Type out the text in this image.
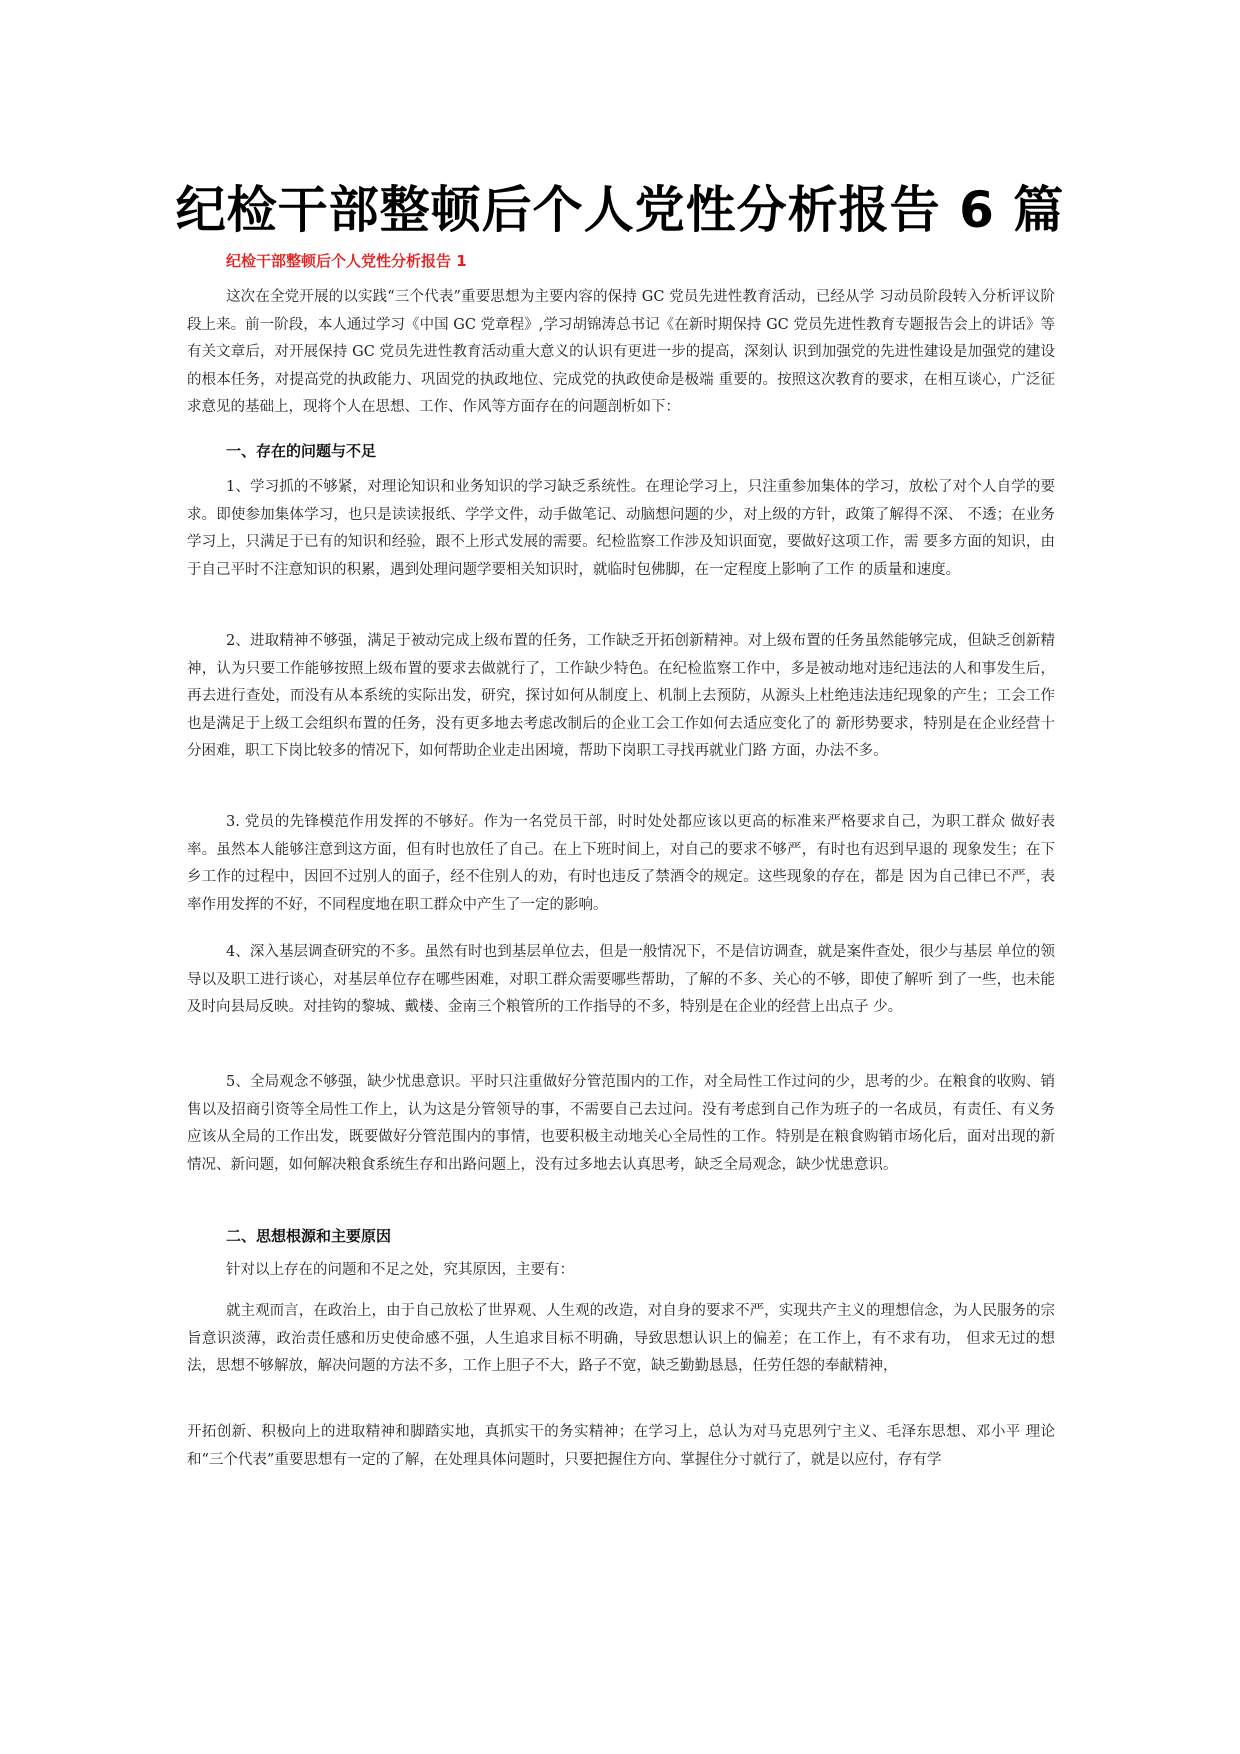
纪检干部整顿后个人党性分析报告 6 篇

纪检干部整顿后个人党性分析报告 1

这次在全党开展的以实践“三个代表”重要思想为主要内容的保持 GC 党员先进性教育活动，已经从学 习动员阶段转入分析评议阶段上来。前一阶段，本人通过学习《中国 GC 党章程》,学习胡锦涛总书记《在新时期保持 GC 党员先进性教育专题报告会上的讲话》等有关文章后，对开展保持 GC 党员先进性教育活动重大意义的认识有更进一步的提高，深刻认 识到加强党的先进性建设是加强党的建设的根本任务，对提高党的执政能力、巩固党的执政地位、完成党的执政使命是极端 重要的。按照这次教育的要求，在相互谈心，广泛征求意见的基础上，现将个人在思想、工作、作风等方面存在的问题剖析如下：

一、存在的问题与不足

1、学习抓的不够紧，对理论知识和业务知识的学习缺乏系统性。在理论学习上，只注重参加集体的学习，放松了对个人自学的要求。即使参加集体学习，也只是读读报纸、学学文件，动手做笔记、动脑想问题的少，对上级的方针，政策了解得不深、 不透；在业务学习上，只满足于已有的知识和经验，跟不上形式发展的需要。纪检监察工作涉及知识面宽，要做好这项工作，需 要多方面的知识，由于自己平时不注意知识的积累，遇到处理问题学要相关知识时，就临时包佛脚，在一定程度上影响了工作 的质量和速度。

2、进取精神不够强，满足于被动完成上级布置的任务，工作缺乏开拓创新精神。对上级布置的任务虽然能够完成，但缺乏创新精神，认为只要工作能够按照上级布置的要求去做就行了，工作缺少特色。在纪检监察工作中，多是被动地对违纪违法的人和事发生后，再去进行查处，而没有从本系统的实际出发，研究，探讨如何从制度上、机制上去预防，从源头上杜绝违法违纪现象的产生；工会工作也是满足于上级工会组织布置的任务，没有更多地去考虑改制后的企业工会工作如何去适应变化了的 新形势要求，特别是在企业经营十分困难，职工下岗比较多的情况下，如何帮助企业走出困境，帮助下岗职工寻找再就业门路 方面，办法不多。

3. 党员的先锋模范作用发挥的不够好。作为一名党员干部，时时处处都应该以更高的标准来严格要求自己，为职工群众 做好表率。虽然本人能够注意到这方面，但有时也放任了自己。在上下班时间上，对自己的要求不够严，有时也有迟到早退的 现象发生；在下乡工作的过程中，因回不过别人的面子，经不住别人的劝，有时也违反了禁酒令的规定。这些现象的存在，都是 因为自己律已不严，表率作用发挥的不好，不同程度地在职工群众中产生了一定的影响。

4、深入基层调查研究的不多。虽然有时也到基层单位去，但是一般情况下，不是信访调查，就是案件查处，很少与基层 单位的领导以及职工进行谈心，对基层单位存在哪些困难，对职工群众需要哪些帮助，了解的不多、关心的不够，即使了解听 到了一些，也未能及时向县局反映。对挂钩的黎城、戴楼、金南三个粮管所的工作指导的不多，特别是在企业的经营上出点子 少。

5、全局观念不够强，缺少忧患意识。平时只注重做好分管范围内的工作，对全局性工作过问的少，思考的少。在粮食的收购、销售以及招商引资等全局性工作上，认为这是分管领导的事，不需要自己去过问。没有考虑到自己作为班子的一名成员，有责任、有义务应该从全局的工作出发，既要做好分管范围内的事情，也要积极主动地关心全局性的工作。特别是在粮食购销市场化后，面对出现的新情况、新问题，如何解决粮食系统生存和出路问题上，没有过多地去认真思考，缺乏全局观念，缺少忧患意识。

二、思想根源和主要原因

针对以上存在的问题和不足之处，究其原因，主要有：

就主观而言，在政治上，由于自己放松了世界观、人生观的改造，对自身的要求不严，实现共产主义的理想信念，为人民服务的宗旨意识淡薄，政治责任感和历史使命感不强，人生追求目标不明确，导致思想认识上的偏差；在工作上，有不求有功， 但求无过的想法，思想不够解放，解决问题的方法不多，工作上胆子不大，路子不宽，缺乏勤勤恳恳，任劳任怨的奉献精神，

开拓创新、积极向上的进取精神和脚踏实地，真抓实干的务实精神；在学习上，总认为对马克思列宁主义、毛泽东思想、邓小平 理论和“三个代表”重要思想有一定的了解，在处理具体问题时，只要把握住方向、掌握住分寸就行了，就是以应付，存有学
